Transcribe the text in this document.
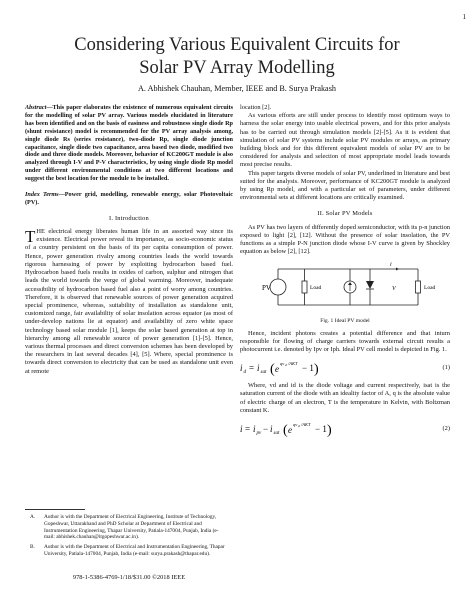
1
Considering Various Equivalent Circuits for
Solar PV Array Modelling
A. Abhishek Chauhan, Member, IEEE and B. Surya Prakash
Abstract—This paper elaborates the existence of numerous equivalent circuits for the modelling of solar PV array. Various models elucidated in literature has been identified and on the basis of easiness and robustness single diode Rp (shunt resistance) model is recommended for the PV array analysis among, single diode Rs (series resistance), two-diode Rp, single diode junction capacitance, single diode two capacitance, area based two diode, modified two diode and three diode models. Moreover, behavior of KC200GT module is also analyzed through I-V and P-V characteristics, by using single diode Rp model under different environmental conditions at two different locations and suggest the best location for the module to be installed.
Index Terms—Power grid, modelling, renewable energy, solar Photovoltaic (PV).
I. Introduction

THE electrical energy liberates human life in an assorted way since its existence. Electrical power reveal its importance, as socio-economic status of a country persistent on the basis of its per capita consumption of power. Hence, power generation rivalry among countries leads the world towards rigorous harnessing of power by exploiting hydrocarbon based fuel. Hydrocarbon based fuels results in oxides of carbon, sulphur and nitrogen that leads the world towards the verge of global warming. Moreover, inadequate accessibility of hydrocarbon based fuel also a point of worry among countries. Therefore, it is observed that renewable sources of power generation acquired special prominence, whereas, suitability of installation as standalone unit, customized range, fair availability of solar insolation across equator (as most of under-develop nations lie at equator) and availability of zero white space technology based solar module [1], keeps the solar based generation at top in hierarchy among all renewable source of power generation [1]-[5]. Hence, various thermal processes and direct conversion schemes has been developed by the researchers in last several decades [4], [5]. Where, special prominence is towards direct conversion to electricity that can be used as standalone unit even at remote

A.	Author is with the Department of Electrical Engineering, Institute of Technology, Gopeshwar, Uttarakhand and PhD Scholar at Department of Electrical and Instrumentation Engineering, Thapar University, Patiala-147004, Punjab, India (e-mail: abhishek.chauhan@itgopeshwar.ac.in).
B.	Author is with the Department of Electrical and Instrumentation Engineering, Thapar University, Patiala-147004, Punjab, India (e-mail: surya.prakash@thapar.edu).
978-1-5386-4769-1/18/$31.00 ©2018 IEEE

location [2].

As various efforts are still under process to identify most optimum ways to harness the solar energy into usable electrical powers, and for this prior analysis has to be carried out through simulation models [2]-[5]. As it is evident that simulation of solar PV systems include solar PV modules or arrays, as primary building block and for this different equivalent models of solar PV are to be considered for analysis and selection of most appropriate model leads towards most precise results.

This paper targets diverse models of solar PV, underlined in literature and best suited for the analysis. Moreover, performance of KC200GT module is analyzed by using Rp model, and with a particular set of parameters, under different environmental sets at different locations are critically examined.

II. Solar PV Models

As PV has two layers of differently doped semiconductor, with its p-n junction exposed to light [2], [12]. Without the presence of solar insolation, the PV functions as a simple P-N junction diode whose I-V curve is given by Shockley equation as below [2], [12].

PV	Load	Load
V
i
Fig. 1 Ideal PV model

Hence, incident photons creates a potential difference and that inturn responsible for flowing of charge carriers towards external circuit results a photocurrent i.e. denoted by Ipv or Iph. Ideal PV cell model is depicted in Fig. 1.

i d = i sat ( e
qv d /AKT − 1 )	(1)

Where, vd and id is the diode voltage and current respectively, isat is the saturation current of the diode with an ideality factor of A, q is the absolute value of electric charge of an electron, T is the temperature in Kelvin, with Boltzman constant K.

i = i pv − i sat ( e
qv d /AKT − 1 )	(2)
